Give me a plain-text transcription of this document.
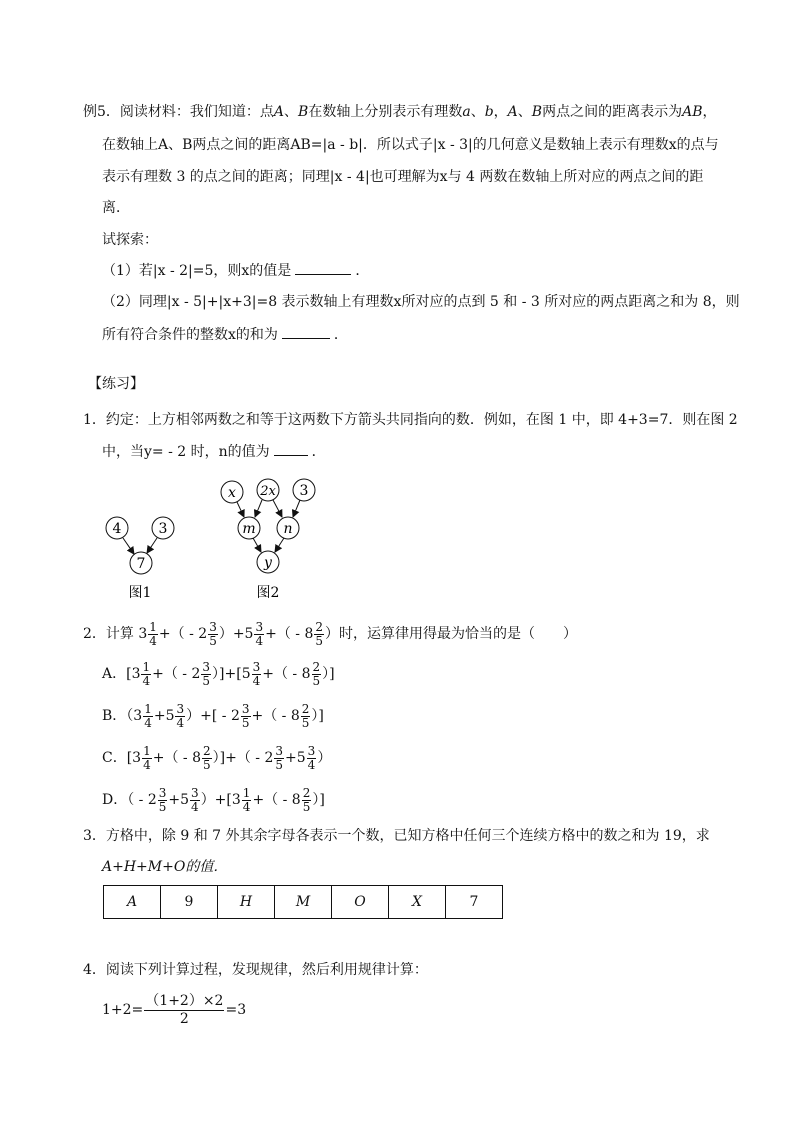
例5．阅读材料：我们知道：点A、B在数轴上分别表示有理数a、b，A、B两点之间的距离表示为AB，
在数轴上A、B两点之间的距离AB=|a - b|．所以式子|x - 3|的几何意义是数轴上表示有理数x的点与
表示有理数 3 的点之间的距离；同理|x - 4|也可理解为x与 4 两数在数轴上所对应的两点之间的距
离．
试探索：
（1）若|x - 2|=5，则x的值是	．
（2）同理|x - 5|+|x+3|=8 表示数轴上有理数x所对应的点到 5 和 - 3 所对应的两点距离之和为 8，则
所有符合条件的整数x的和为	．
【练习】
1．约定：上方相邻两数之和等于这两数下方箭头共同指向的数．例如，在图 1 中，即 4+3=7．则在图 2
中，当y= - 2 时，n的值为	．
4	3
7
图1
x 2x 3
m n
y
图2
2．计算 $3 \frac{1}{4}$ +（ - $2 \frac{3}{5} )+5 \frac{3}{4}$ +（ - $8 \frac{2}{5}$ ）时，运算律用得最为恰当的是（　　）
A．[$3 \frac{1}{4}$ +（ - $2 \frac{3}{5} )]+[5 \frac{3}{4}$ +（ - $8 \frac{2}{5}$ ）]
B．（$3 \frac{1}{4} +5 \frac{3}{4}$ ）+[ - $2 \frac{3}{5}$ +（ - $8 \frac{2}{5}$ ）]
C．[$3 \frac{1}{4}$ +（ - $8 \frac{2}{5}$ ）]+（ - $2 \frac{3}{5} +5 \frac{3}{4}$ ）
D．（ - $2 \frac{3}{5} +5 \frac{3}{4} )+[3 \frac{1}{4}$ +（ - $8 \frac{2}{5}$ ）]
3．方格中，除 9 和 7 外其余字母各表示一个数，已知方格中任何三个连续方格中的数之和为 19，求
A+H+M+O的值．
A	9	H	M	O	X	7
4．阅读下列计算过程，发现规律，然后利用规律计算：
$1+2= \frac{(1+2)\times 2}{2} =3$
